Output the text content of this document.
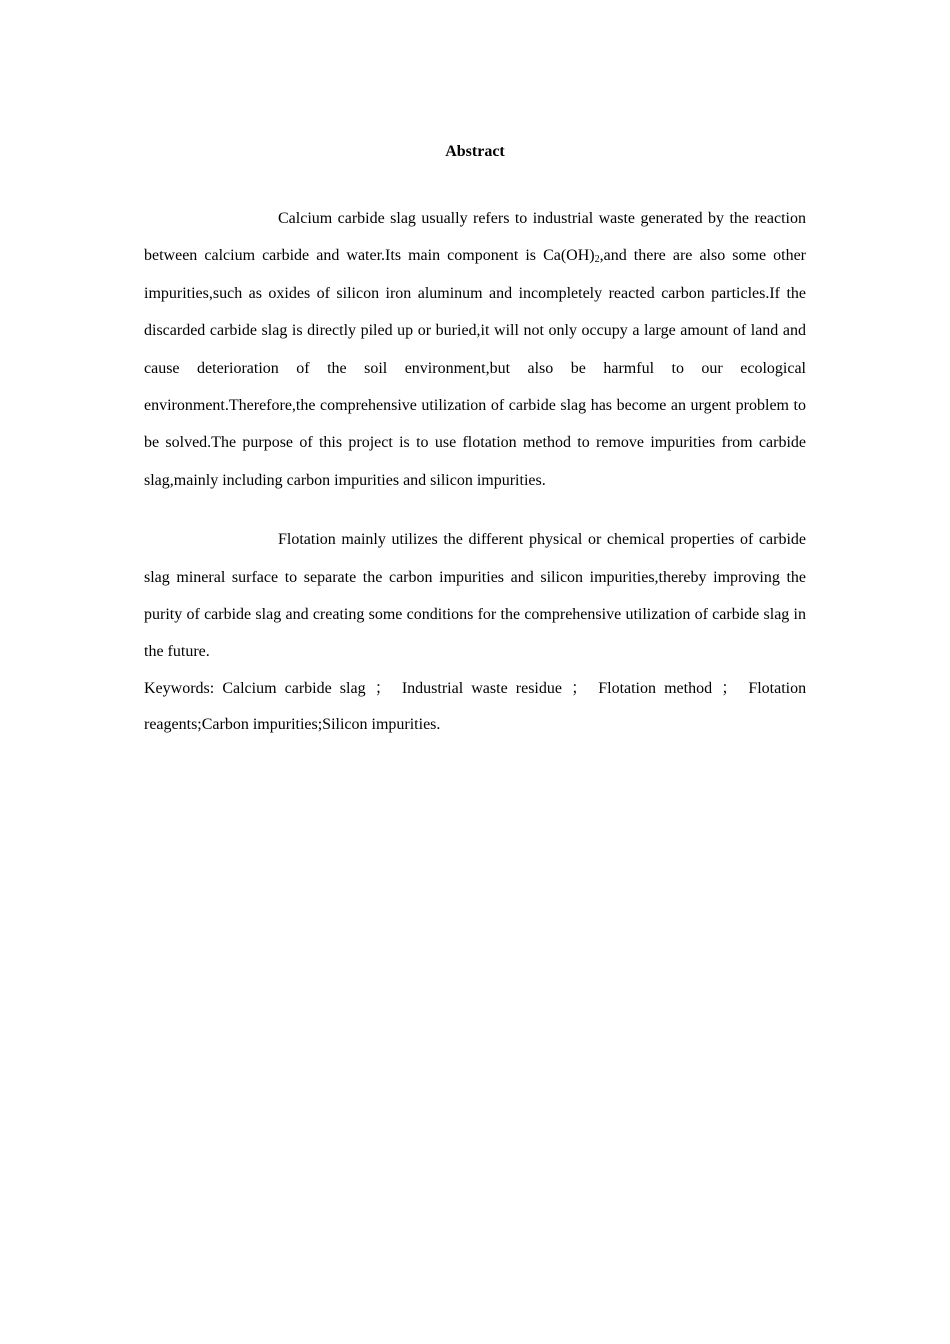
Abstract

Calcium carbide slag usually refers to industrial waste generated by the reaction between calcium carbide and water.Its main component is $Ca(OH)_2,and$ there are also some other impurities,such as oxides of silicon iron aluminum and incompletely reacted carbon particles.If the discarded carbide slag is directly piled up or buried,it will not only occupy a large amount of land and cause deterioration of the soil environment,but also be harmful to our ecological environment.Therefore,the comprehensive utilization of carbide slag has become an urgent problem to be solved.The purpose of this project is to use flotation method to remove impurities from carbide slag,mainly including carbon impurities and silicon impurities.

Flotation mainly utilizes the different physical or chemical properties of carbide slag mineral surface to separate the carbon impurities and silicon impurities,thereby improving the purity of carbide slag and creating some conditions for the comprehensive utilization of carbide slag in the future.

Keywords: Calcium carbide slag ； Industrial waste residue ； Flotation method ； Flotation reagents;Carbon impurities;Silicon impurities.
